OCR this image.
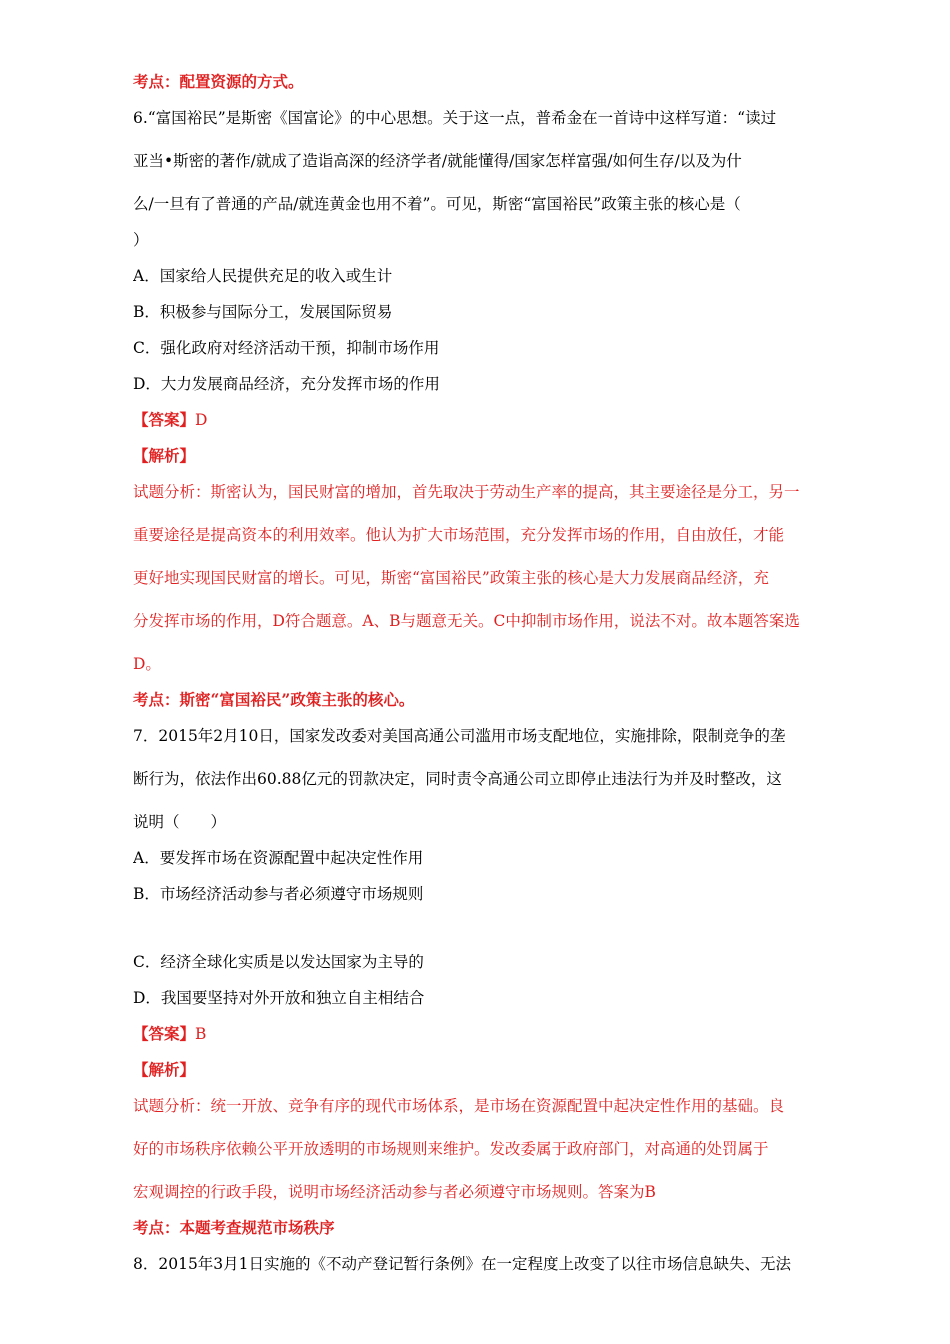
考点：配置资源的方式。

6.“富国裕民”是斯密《国富论》的中心思想。关于这一点，普希金在一首诗中这样写道：“读过

亚当•斯密的著作/就成了造诣高深的经济学者/就能懂得/国家怎样富强/如何生存/以及为什

么/一旦有了普通的产品/就连黄金也用不着”。可见，斯密“富国裕民”政策主张的核心是（

）

A．国家给人民提供充足的收入或生计

B．积极参与国际分工，发展国际贸易

C．强化政府对经济活动干预，抑制市场作用

D．大力发展商品经济，充分发挥市场的作用

【答案】D

【解析】

试题分析：斯密认为，国民财富的增加，首先取决于劳动生产率的提高，其主要途径是分工，另一

重要途径是提高资本的利用效率。他认为扩大市场范围，充分发挥市场的作用，自由放任，才能

更好地实现国民财富的增长。可见，斯密“富国裕民”政策主张的核心是大力发展商品经济，充

分发挥市场的作用，D符合题意。A、B与题意无关。C中抑制市场作用，说法不对。故本题答案选

D。

考点：斯密“富国裕民”政策主张的核心。

7．2015年2月10日，国家发改委对美国高通公司滥用市场支配地位，实施排除，限制竞争的垄

断行为，依法作出60.88亿元的罚款决定，同时责令高通公司立即停止违法行为并及时整改，这

说明（　　）

A．要发挥市场在资源配置中起决定性作用

B．市场经济活动参与者必须遵守市场规则

C．经济全球化实质是以发达国家为主导的

D．我国要坚持对外开放和独立自主相结合

【答案】B

【解析】

试题分析：统一开放、竞争有序的现代市场体系，是市场在资源配置中起决定性作用的基础。良

好的市场秩序依赖公平开放透明的市场规则来维护。发改委属于政府部门，对高通的处罚属于

宏观调控的行政手段，说明市场经济活动参与者必须遵守市场规则。答案为B

考点：本题考查规范市场秩序

8．2015年3月1日实施的《不动产登记暂行条例》在一定程度上改变了以往市场信息缺失、无法
